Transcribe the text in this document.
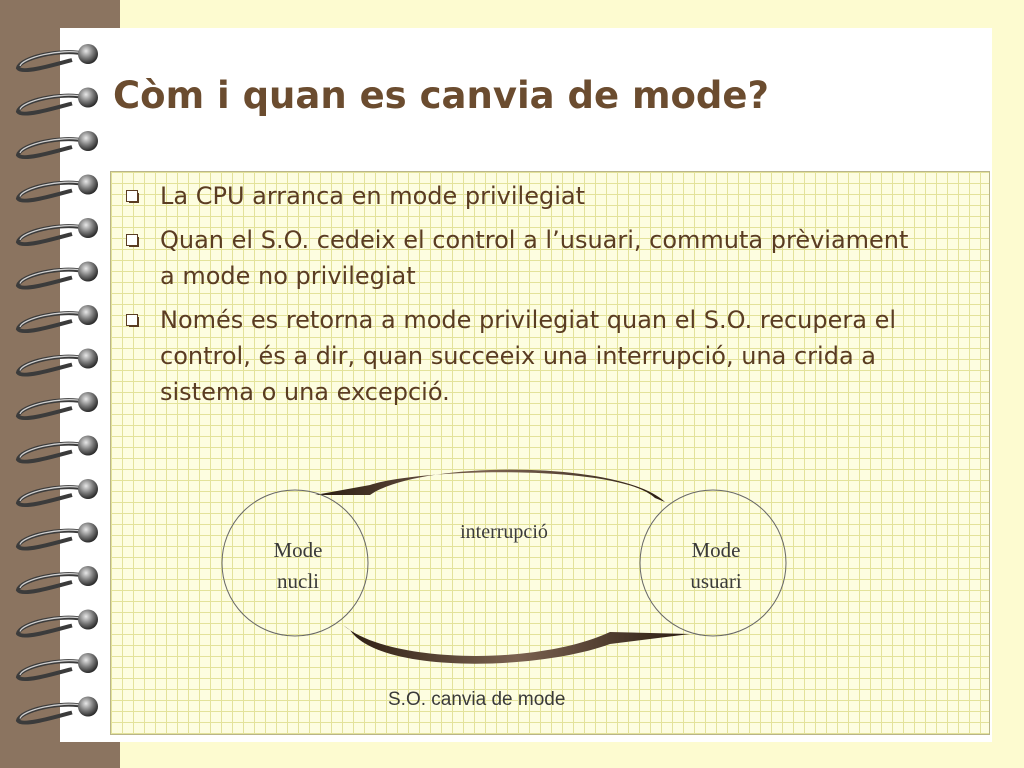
Còm i quan es canvia de mode?
La CPU arranca en mode privilegiat
Quan el S.O. cedeix el control a l’usuari, commuta prèviament a mode no privilegiat
Només es retorna a mode privilegiat quan el S.O. recupera el control, és a dir, quan succeeix una interrupció, una crida a sistema o una excepció.
Mode
nucli
Mode
usuari
interrupció

S.O. canvia de mode
